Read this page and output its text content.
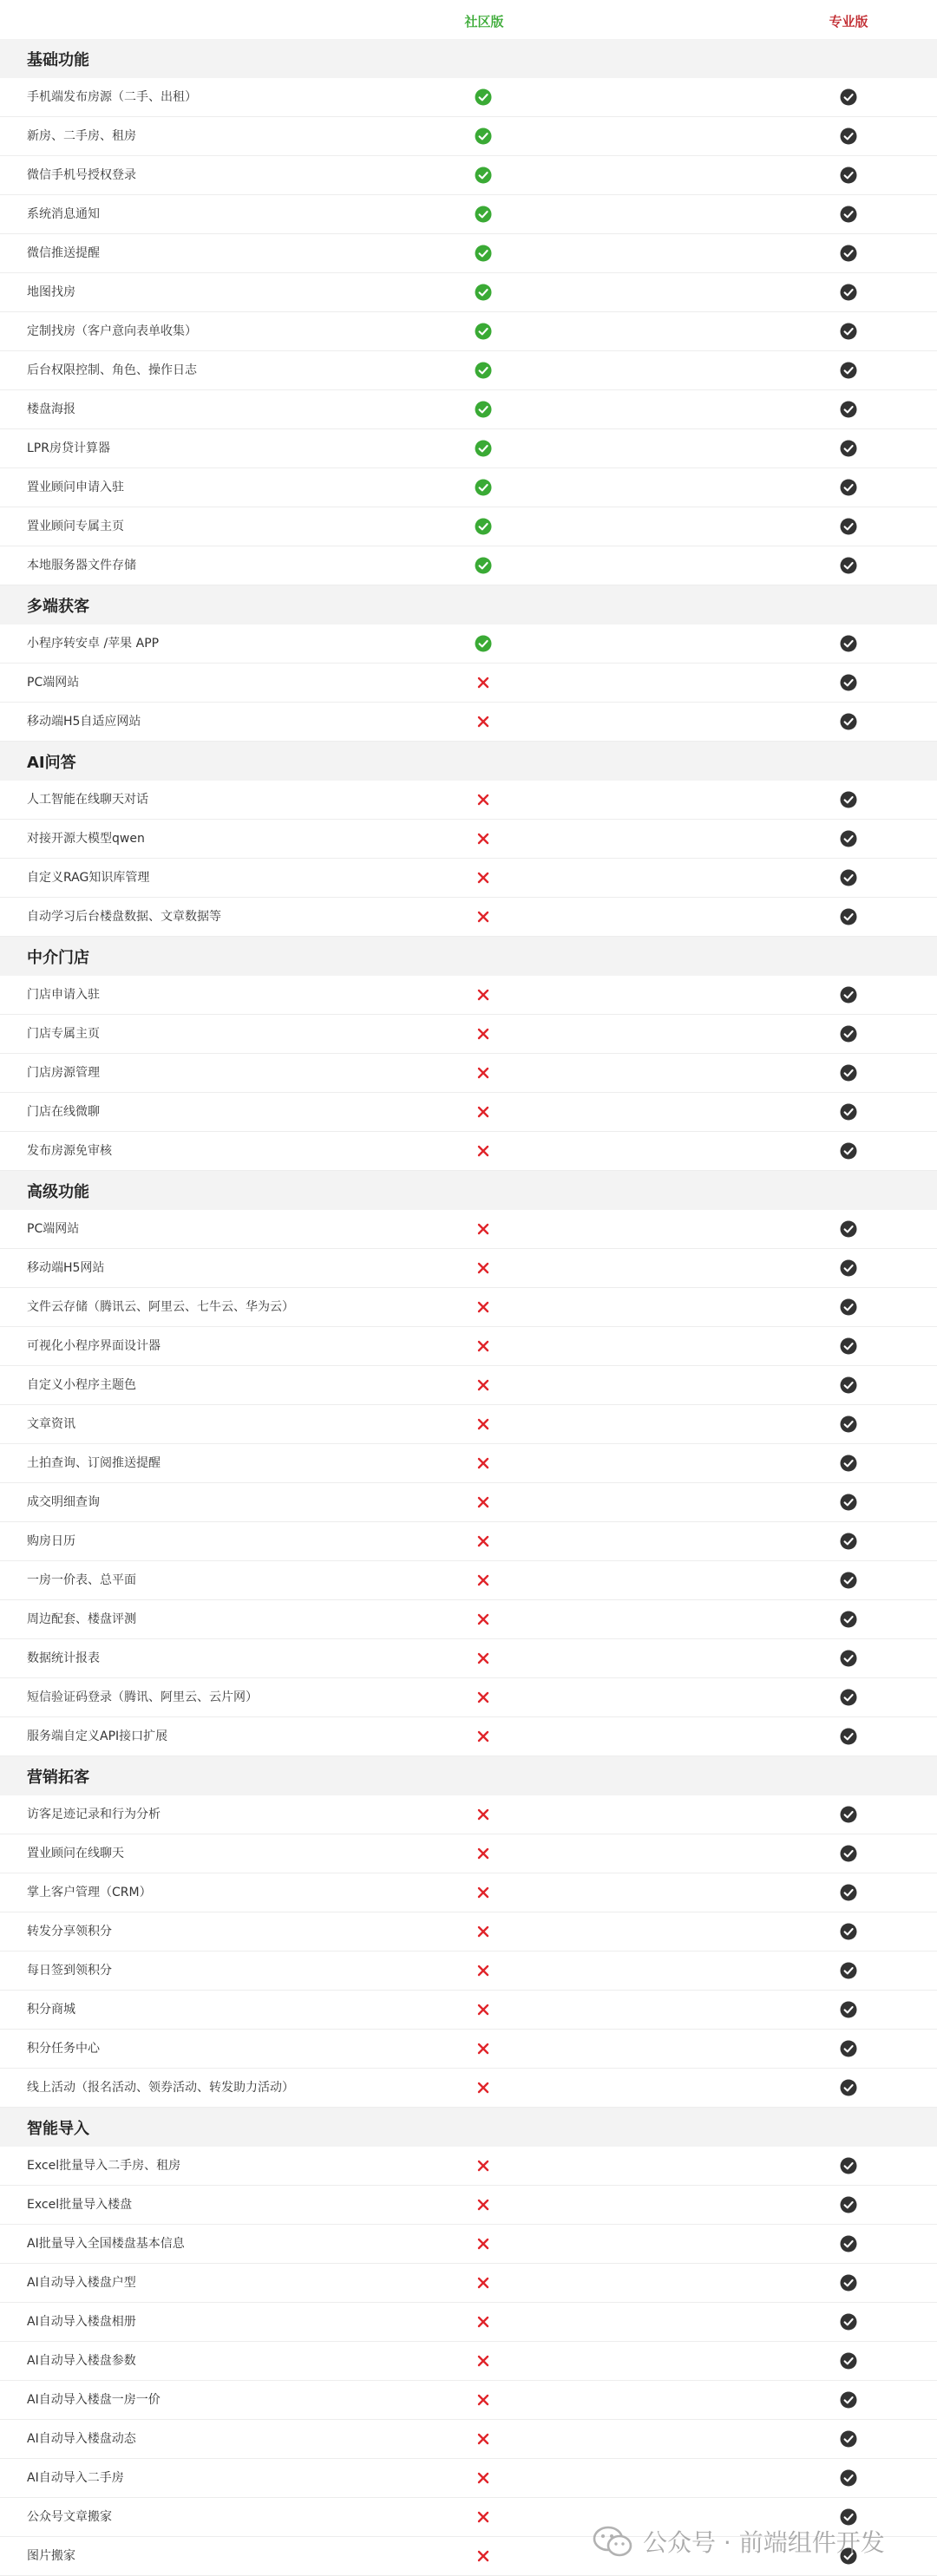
社区版	专业版
基础功能
手机端发布房源（二手、出租）
新房、二手房、租房
微信手机号授权登录
系统消息通知
微信推送提醒
地图找房
定制找房（客户意向表单收集）
后台权限控制、角色、操作日志
楼盘海报
LPR房贷计算器
置业顾问申请入驻
置业顾问专属主页
本地服务器文件存储
多端获客
小程序转安卓 /苹果 APP
PC端网站
移动端H5自适应网站
AI问答
人工智能在线聊天对话
对接开源大模型qwen
自定义RAG知识库管理
自动学习后台楼盘数据、文章数据等
中介门店
门店申请入驻
门店专属主页
门店房源管理
门店在线微聊
发布房源免审核
高级功能
PC端网站
移动端H5网站
文件云存储（腾讯云、阿里云、七牛云、华为云）
可视化小程序界面设计器
自定义小程序主题色
文章资讯
土拍查询、订阅推送提醒
成交明细查询
购房日历
一房一价表、总平面
周边配套、楼盘评测
数据统计报表
短信验证码登录（腾讯、阿里云、云片网）
服务端自定义API接口扩展
营销拓客
访客足迹记录和行为分析
置业顾问在线聊天
掌上客户管理（CRM）
转发分享领积分
每日签到领积分
积分商城
积分任务中心
线上活动（报名活动、领券活动、转发助力活动）
智能导入
Excel批量导入二手房、租房
Excel批量导入楼盘
AI批量导入全国楼盘基本信息
AI自动导入楼盘户型
AI自动导入楼盘相册
AI自动导入楼盘参数
AI自动导入楼盘一房一价
AI自动导入楼盘动态
AI自动导入二手房
公众号文章搬家
图片搬家	公众号 · 前端组件开发
